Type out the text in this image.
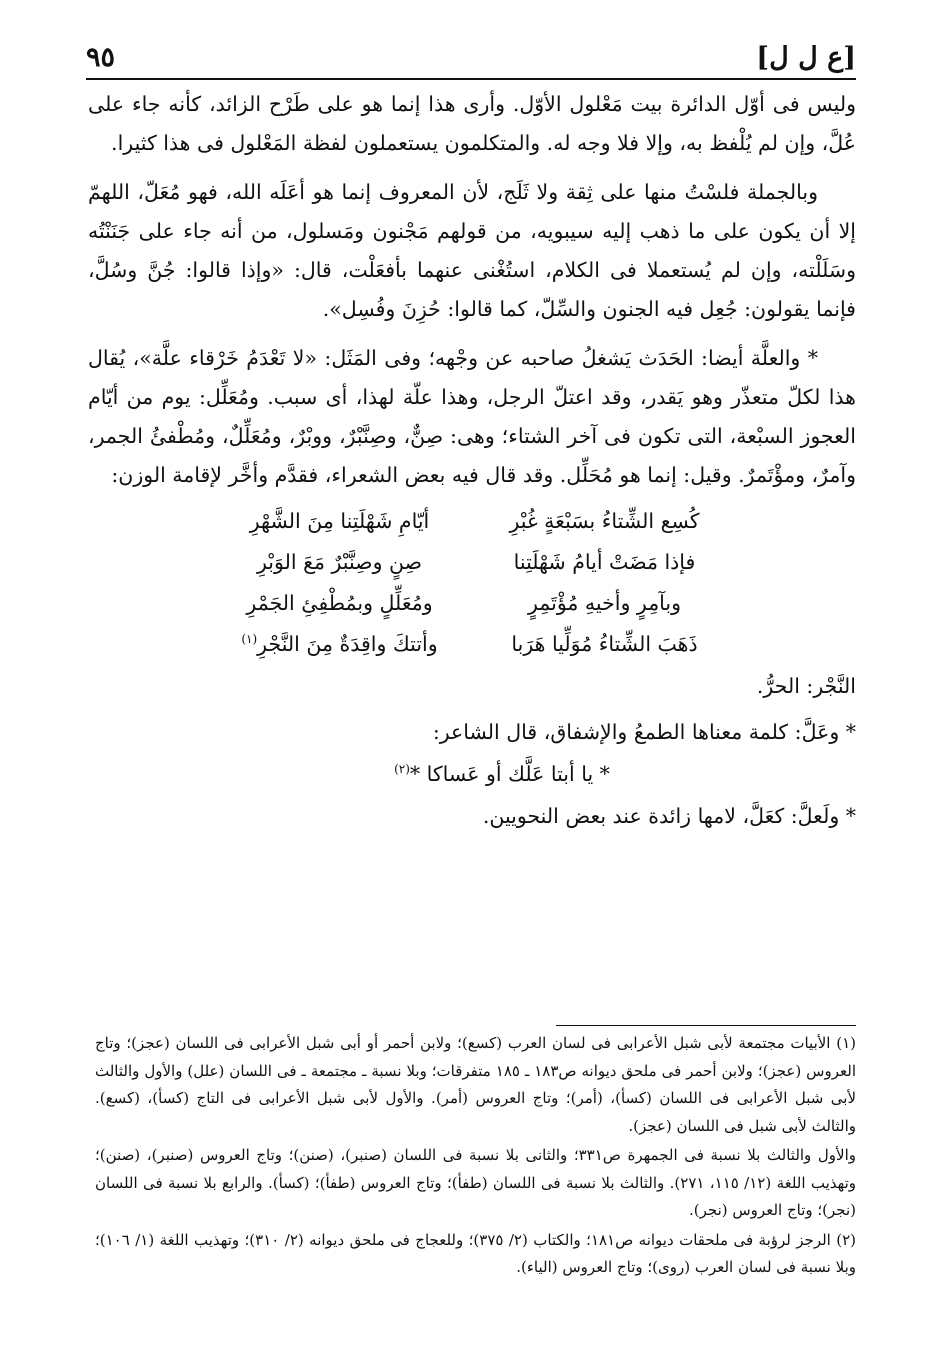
[ع ل ل]
٩٥

وليس فى أوّل الدائرة بيت مَعْلول الأوّل. وأرى هذا إنما هو على طَرْح الزائد، كأنه جاء على عُلَّ، وإن لم يُلْفظ به، وإلا فلا وجه له. والمتكلمون يستعملون لفظة المَعْلول فى هذا كثيرا.

وبالجملة فلسْتُ منها على ثِقة ولا ثَلَج، لأن المعروف إنما هو أعَلَه الله، فهو مُعَلّ، اللهمّ إلا أن يكون على ما ذهب إليه سيبويه، من قولهم مَجْنون ومَسلول، من أنه جاء على جَنَنْتُه وسَلَلْته، وإن لم يُستعملا فى الكلام، استُغْنى عنهما بأفعَلْت، قال: «وإذا قالوا: جُنَّ وسُلَّ، فإنما يقولون: جُعِل فيه الجنون والسِّلّ، كما قالوا: حُزِنَ وفُسِل».

* والعلَّة أيضا: الحَدَث يَشغلُ صاحبه عن وجْهه؛ وفى المَثَل: «لا تَعْدَمُ خَرْقاء علَّة»، يُقال هذا لكلّ متعذّر وهو يَقدر، وقد اعتلّ الرجل، وهذا علّة لهذا، أى سبب. ومُعَلِّل: يوم من أيّام العجوز السبْعة، التى تكون فى آخر الشتاء؛ وهى: صِنٌّ، وصِنَّبْرٌ، ووبْرٌ، ومُعَلِّلٌ، ومُطْفئُ الجمر، وآمرٌ، ومؤْتَمرٌ. وقيل: إنما هو مُحَلِّل. وقد قال فيه بعض الشعراء، فقدَّم وأخَّر لإقامة الوزن:

كُسِع الشِّتاءُ بسَبْعَةٍ غُبْرِ
أيّامِ شَهْلَتِنا مِنَ الشَّهْرِ
فإذا مَضَتْ أيامُ شَهْلَتِنا
صِنٍ وصِنَّبْرٌ مَعَ الوَبْرِ
وبآمِرٍ وأخيهِ مُؤْتَمِرٍ
ومُعَلِّلٍ وبمُطْفِئِ الجَمْرِ
ذَهَبَ الشِّتاءُ مُوَلِّيا هَرَبا
وأتتكَ واقِدَةٌ مِنَ النَّجْرِ$^{(١)}$

النَّجْر: الحرُّ.

* وعَلَّ: كلمة معناها الطمعُ والإشفاق، قال الشاعر:

* يا أبتا عَلَّك أو عَساكا *$^{(٢)}$

* ولَعلَّ: كعَلَّ، لامها زائدة عند بعض النحويين.

(١) الأبيات مجتمعة لأبى شبل الأعرابى فى لسان العرب (كسع)؛ ولابن أحمر أو أبى شبل الأعرابى فى اللسان (عجز)؛ وتاج العروس (عجز)؛ ولابن أحمر فى ملحق ديوانه ص١٨٣ ـ ١٨٥ متفرقات؛ وبلا نسبة ـ مجتمعة ـ فى اللسان (علل) والأول والثالث لأبى شبل الأعرابى فى اللسان (كسأ)، (أمر)؛ وتاج العروس (أمر). والأول لأبى شبل الأعرابى فى التاج (كسأ)، (كسع). والثالث لأبى شبل فى اللسان (عجز).

والأول والثالث بلا نسبة فى الجمهرة ص٣٣١؛ والثانى بلا نسبة فى اللسان (صنبر)، (صنن)؛ وتاج العروس (صنبر)، (صنن)؛ وتهذيب اللغة (١٢/ ١١٥، ٢٧١). والثالث بلا نسبة فى اللسان (طفأ)؛ وتاج العروس (طفأ)؛ (كسأ). والرابع بلا نسبة فى اللسان (نجر)؛ وتاج العروس (نجر).

(٢) الرجز لرؤبة فى ملحقات ديوانه ص١٨١؛ والكتاب (٢/ ٣٧٥)؛ وللعجاج فى ملحق ديوانه (٢/ ٣١٠)؛ وتهذيب اللغة (١/ ١٠٦)؛ وبلا نسبة فى لسان العرب (روى)؛ وتاج العروس (الياء).
